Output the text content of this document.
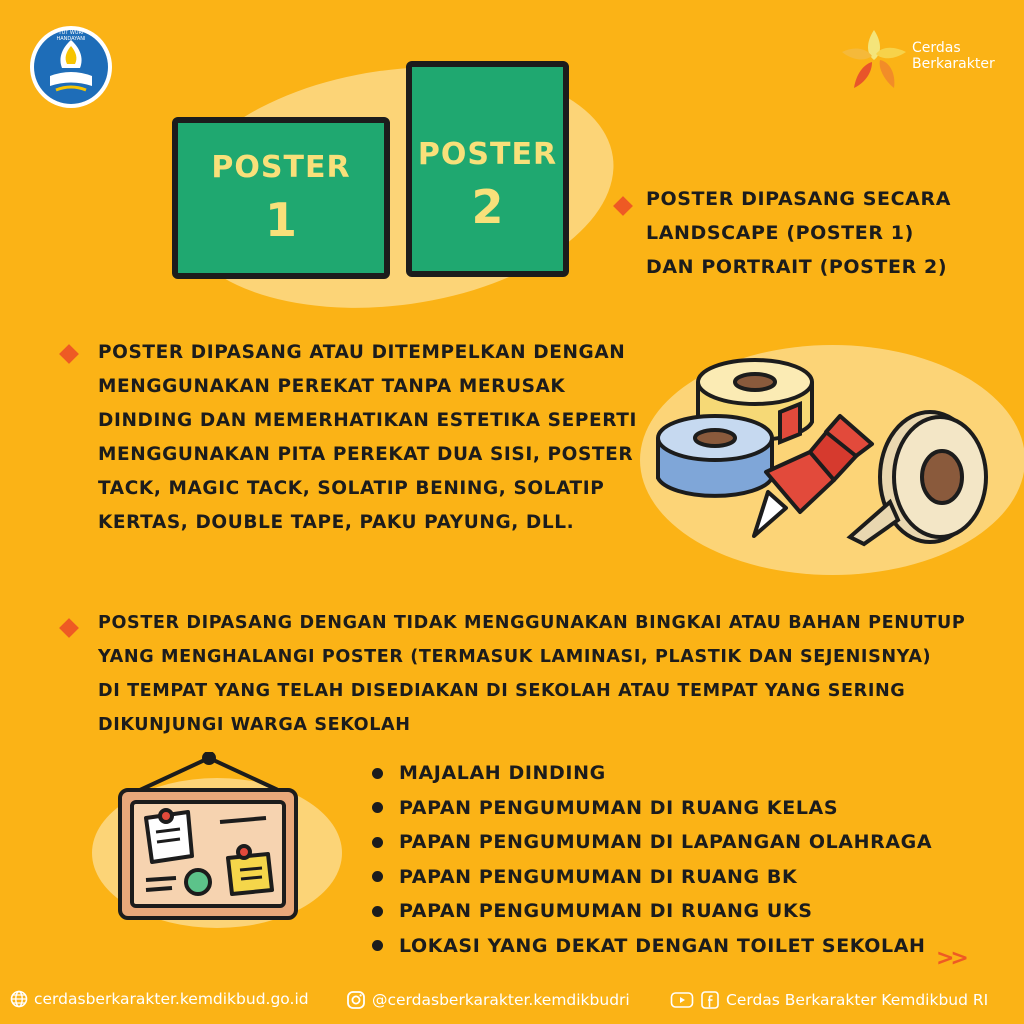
TUT WURI HANDAYANI
Cerdas
Berkarakter
POSTER
1
POSTER
2	POSTER DIPASANG SECARA
LANDSCAPE (POSTER 1)
DAN PORTRAIT (POSTER 2)
POSTER DIPASANG ATAU DITEMPELKAN DENGAN
MENGGUNAKAN PEREKAT TANPA MERUSAK
DINDING DAN MEMERHATIKAN ESTETIKA SEPERTI
MENGGUNAKAN PITA PEREKAT DUA SISI, POSTER
TACK, MAGIC TACK, SOLATIP BENING, SOLATIP
KERTAS, DOUBLE TAPE, PAKU PAYUNG, DLL.
POSTER DIPASANG DENGAN TIDAK MENGGUNAKAN BINGKAI ATAU BAHAN PENUTUP
YANG MENGHALANGI POSTER (TERMASUK LAMINASI, PLASTIK DAN SEJENISNYA)
DI TEMPAT YANG TELAH DISEDIAKAN DI SEKOLAH ATAU TEMPAT YANG SERING
DIKUNJUNGI WARGA SEKOLAH
MAJALAH DINDING
PAPAN PENGUMUMAN DI RUANG KELAS
PAPAN PENGUMUMAN DI LAPANGAN OLAHRAGA
PAPAN PENGUMUMAN DI RUANG BK
PAPAN PENGUMUMAN DI RUANG UKS
LOKASI YANG DEKAT DENGAN TOILET SEKOLAH
>>
cerdasberkarakter.kemdikbud.go.id	@cerdasberkarakter.kemdikbudri	Cerdas Berkarakter Kemdikbud RI
